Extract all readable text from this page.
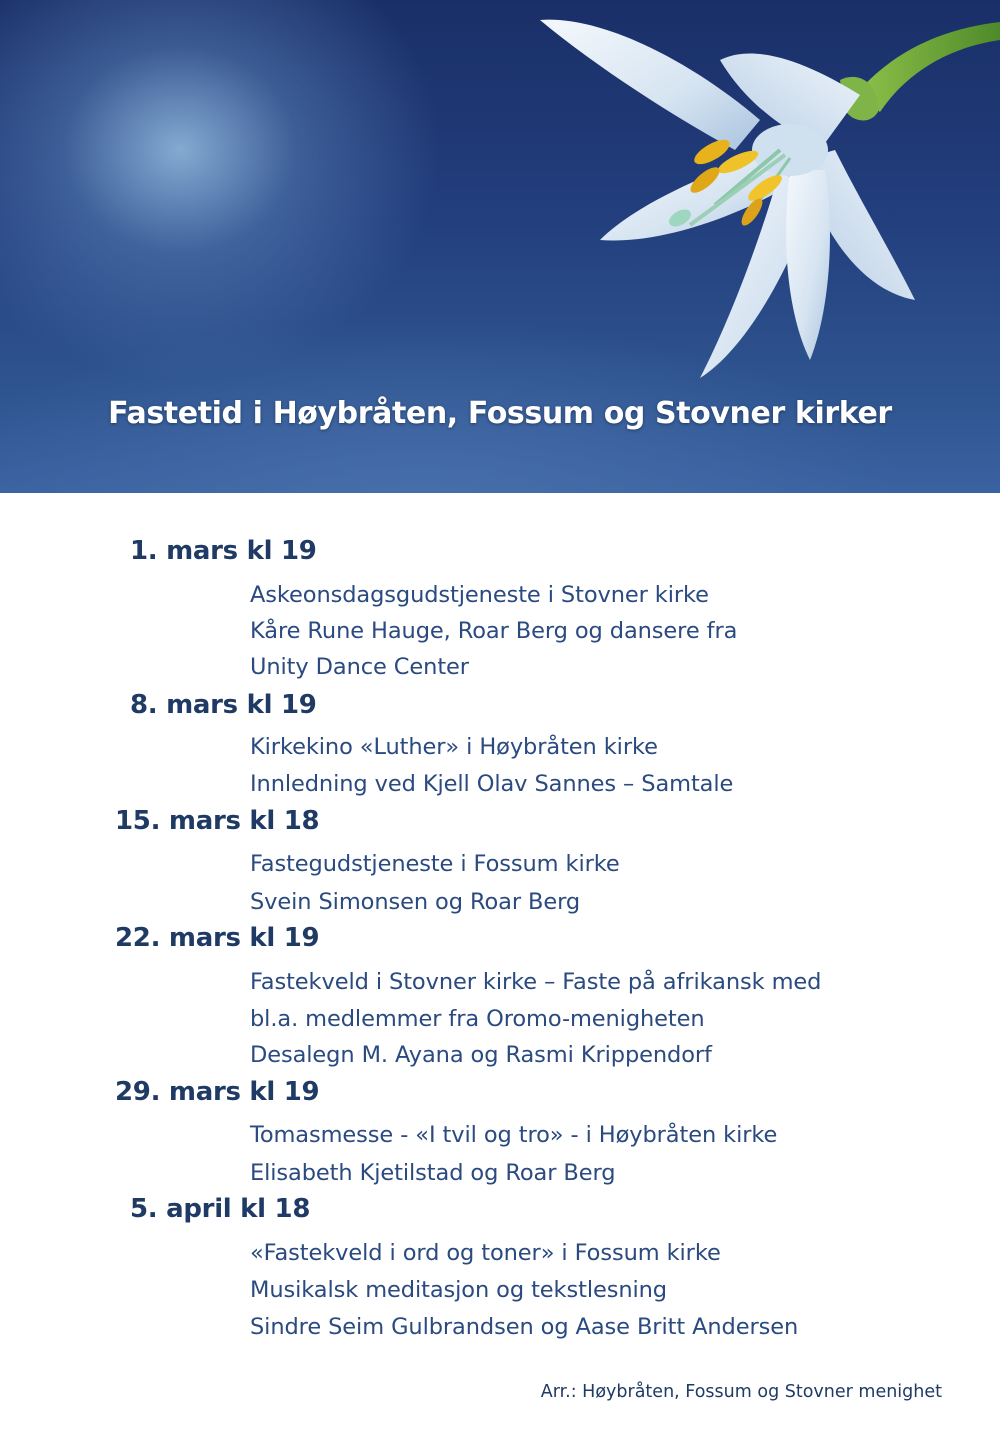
Fastetid i Høybråten, Fossum og Stovner kirker
1. mars kl 19
Askeonsdagsgudstjeneste i Stovner kirke
Kåre Rune Hauge, Roar Berg og dansere fra
Unity Dance Center
8. mars kl 19
Kirkekino «Luther» i Høybråten kirke
Innledning ved Kjell Olav Sannes – Samtale
15. mars kl 18
Fastegudstjeneste i Fossum kirke
Svein Simonsen og Roar Berg
22. mars kl 19
Fastekveld i Stovner kirke – Faste på afrikansk med
bl.a. medlemmer fra Oromo-menigheten
Desalegn M. Ayana og Rasmi Krippendorf
29. mars kl 19
Tomasmesse - «I tvil og tro» - i Høybråten kirke
Elisabeth Kjetilstad og Roar Berg
5. april kl 18
«Fastekveld i ord og toner» i Fossum kirke
Musikalsk meditasjon og tekstlesning
Sindre Seim Gulbrandsen og Aase Britt Andersen
Arr.: Høybråten, Fossum og Stovner menighet
